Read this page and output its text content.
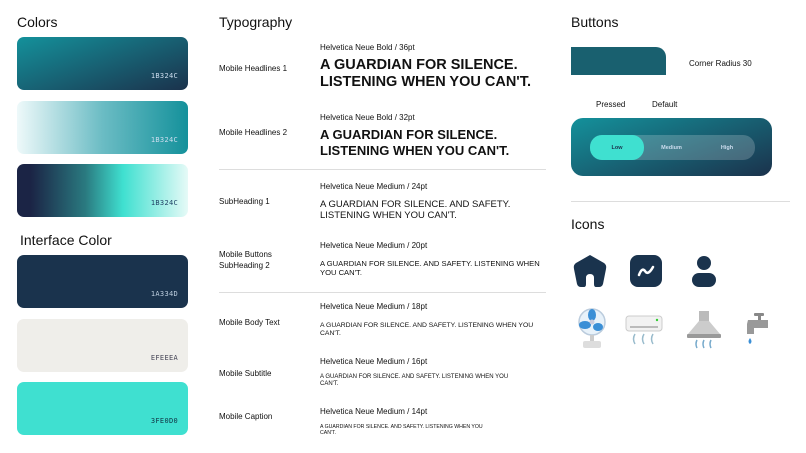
Colors
1B324C
1B324C
1B324C
Interface Color
1A334D
EFEEEA
3FE0D0
Typography
Mobile Headlines 1
Helvetica Neue Bold / 36pt
A GUARDIAN FOR SILENCE. LISTENING WHEN YOU CAN'T.
Mobile Headlines 2
Helvetica Neue Bold / 32pt
A GUARDIAN FOR SILENCE. LISTENING WHEN YOU CAN'T.
SubHeading 1
Helvetica Neue Medium / 24pt
A GUARDIAN FOR SILENCE. AND SAFETY. LISTENING WHEN YOU CAN'T.
Mobile Buttons SubHeading 2
Helvetica Neue Medium / 20pt
A GUARDIAN FOR SILENCE. AND SAFETY. LISTENING WHEN YOU CAN'T.
Mobile Body Text
Helvetica Neue Medium / 18pt
A GUARDIAN FOR SILENCE. AND SAFETY. LISTENING WHEN YOU CAN'T.
Mobile Subtitle
Helvetica Neue Medium / 16pt
A GUARDIAN FOR SILENCE. AND SAFETY. LISTENING WHEN YOU CAN'T.
Mobile Caption
Helvetica Neue Medium / 14pt
A GUARDIAN FOR SILENCE. AND SAFETY. LISTENING WHEN YOU CAN'T.
Buttons
Corner Radius 30
Pressed	Default
Low	Medium	High
Icons
